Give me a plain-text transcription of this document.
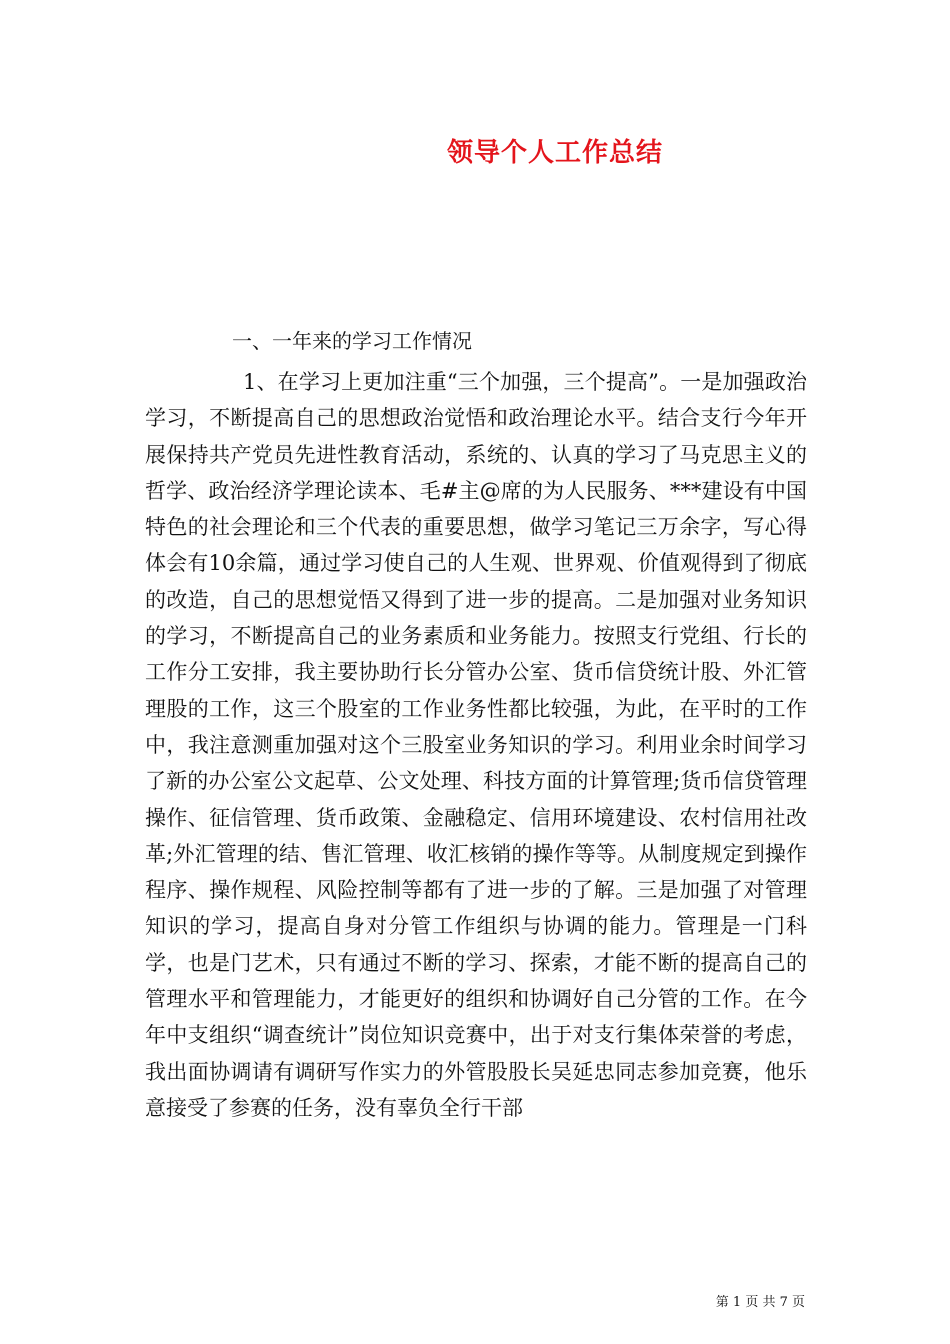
领导个人工作总结
一、一年来的学习工作情况

1、在学习上更加注重“三个加强，三个提高”。一是加强政治学习，不断提高自己的思想政治觉悟和政治理论水平。结合支行今年开展保持共产党员先进性教育活动，系统的、认真的学习了马克思主义的哲学、政治经济学理论读本、毛#主@席的为人民服务、***建设有中国特色的社会理论和三个代表的重要思想，做学习笔记三万余字，写心得体会有10余篇，通过学习使自己的人生观、世界观、价值观得到了彻底的改造，自己的思想觉悟又得到了进一步的提高。二是加强对业务知识的学习，不断提高自己的业务素质和业务能力。按照支行党组、行长的工作分工安排，我主要协助行长分管办公室、货币信贷统计股、外汇管理股的工作，这三个股室的工作业务性都比较强，为此，在平时的工作中，我注意测重加强对这个三股室业务知识的学习。利用业余时间学习了新的办公室公文起草、公文处理、科技方面的计算管理;货币信贷管理操作、征信管理、货币政策、金融稳定、信用环境建设、农村信用社改革;外汇管理的结、售汇管理、收汇核销的操作等等。从制度规定到操作程序、操作规程、风险控制等都有了进一步的了解。三是加强了对管理知识的学习，提高自身对分管工作组织与协调的能力。管理是一门科学，也是门艺术，只有通过不断的学习、探索，才能不断的提高自己的管理水平和管理能力，才能更好的组织和协调好自己分管的工作。在今年中支组织“调查统计”岗位知识竞赛中，出于对支行集体荣誉的考虑，我出面协调请有调研写作实力的外管股股长吴延忠同志参加竞赛，他乐意接受了参赛的任务，没有辜负全行干部

第 1 页 共 7 页
